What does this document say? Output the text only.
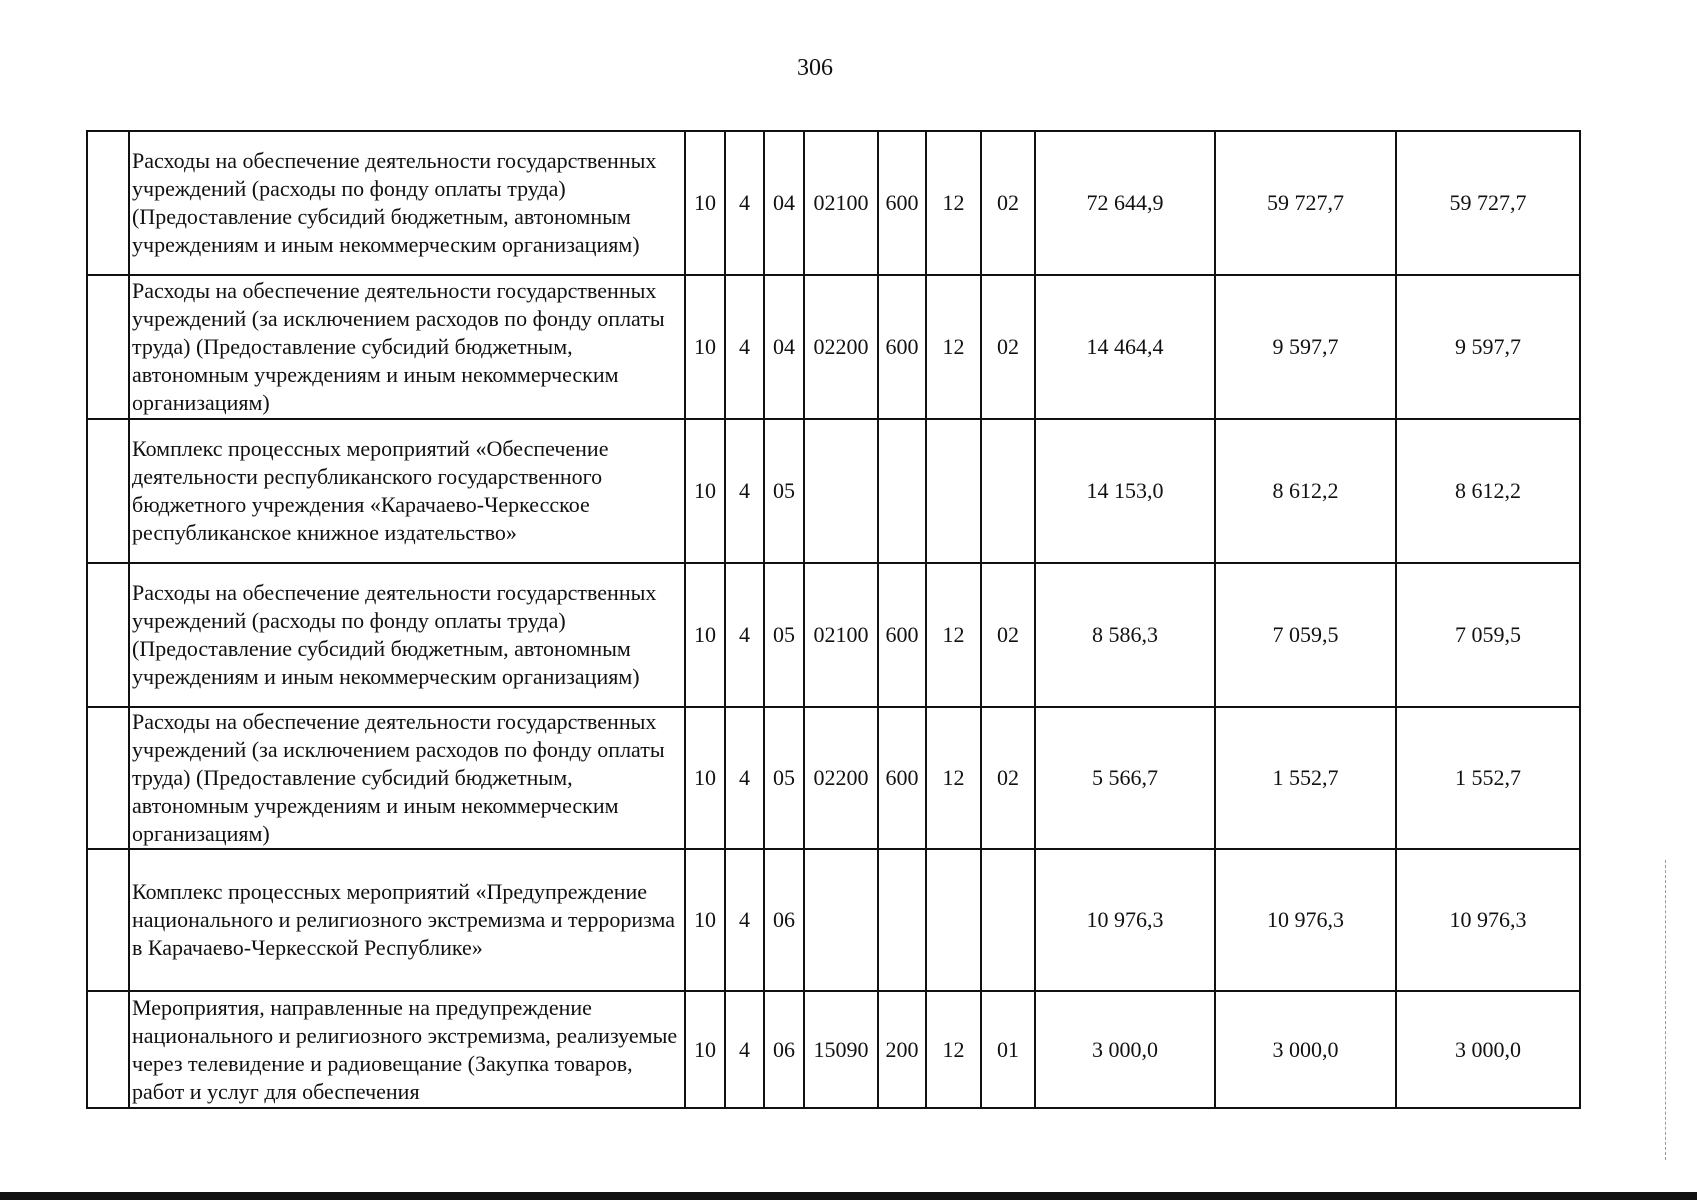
306
	Расходы на обеспечение деятельности государственных учреждений (расходы по фонду оплаты труда) (Предоставление субсидий бюджетным, автономным учреждениям и иным некоммерческим организациям)	10	4	04	02100	600	12	02	72 644,9	59 727,7	59 727,7
	Расходы на обеспечение деятельности государственных учреждений (за исключением расходов по фонду оплаты труда) (Предоставление субсидий бюджетным, автономным учреждениям и иным некоммерческим организациям)	10	4	04	02200	600	12	02	14 464,4	9 597,7	9 597,7
	Комплекс процессных мероприятий «Обеспечение деятельности республиканского государственного бюджетного учреждения «Карачаево-Черкесское республиканское книжное издательство»	10	4	05					14 153,0	8 612,2	8 612,2
	Расходы на обеспечение деятельности государственных учреждений (расходы по фонду оплаты труда) (Предоставление субсидий бюджетным, автономным учреждениям и иным некоммерческим организациям)	10	4	05	02100	600	12	02	8 586,3	7 059,5	7 059,5
	Расходы на обеспечение деятельности государственных учреждений (за исключением расходов по фонду оплаты труда) (Предоставление субсидий бюджетным, автономным учреждениям и иным некоммерческим организациям)	10	4	05	02200	600	12	02	5 566,7	1 552,7	1 552,7
	Комплекс процессных мероприятий «Предупреждение национального и религиозного экстремизма и терроризма в Карачаево-Черкесской Республике»	10	4	06					10 976,3	10 976,3	10 976,3
	Мероприятия, направленные на предупреждение национального и религиозного экстремизма, реализуемые через телевидение и радиовещание (Закупка товаров, работ и услуг для обеспечения	10	4	06	15090	200	12	01	3 000,0	3 000,0	3 000,0
